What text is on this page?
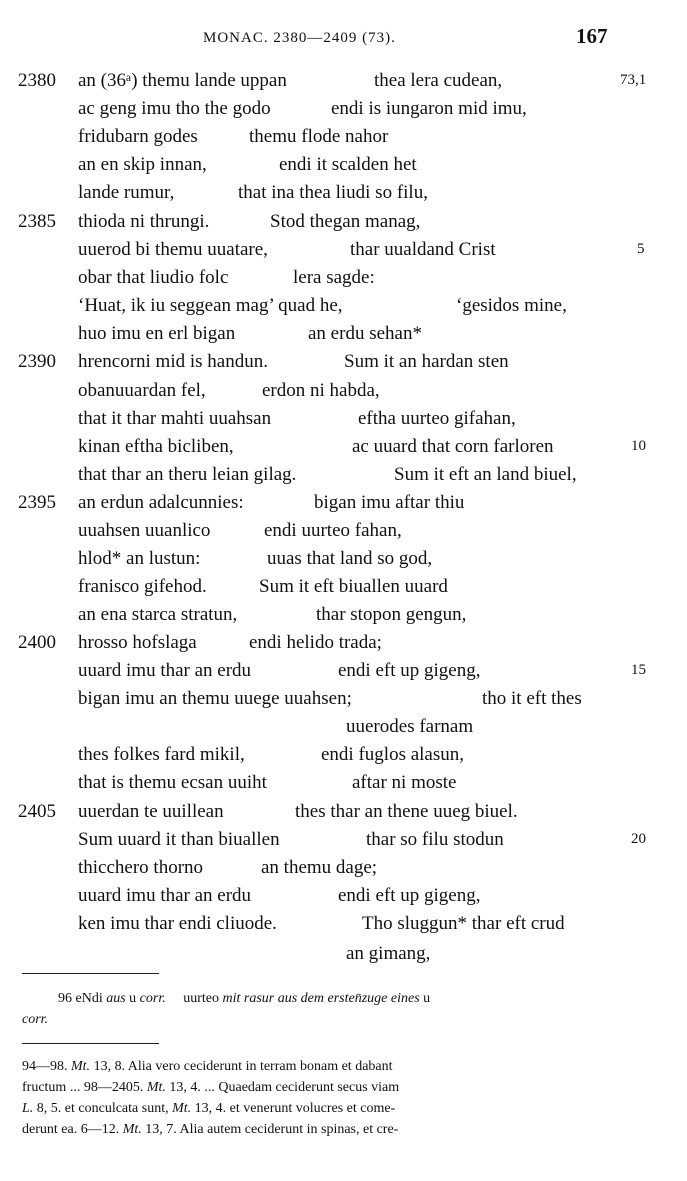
MONAC. 2380—2409 (73).	167
2380 an (36ᵃ) themu lande uppan	thea lera cudean,	73,1
ac geng imu tho the godo	endi is iungaron mid imu,
fridubarn godes	themu flode nahor
an en skip innan,	endi it scalden het
lande rumur,	that ina thea liudi so filu,
2385 thioda ni thrungi.	Stod thegan manag,
uuerod bi themu uuatare,	thar uualdand Crist	5
obar that liudio folc	lera sagde:
‘Huat, ik iu seggean mag’ quad he,	‘gesidos mine,
huo imu en erl bigan	an erdu sehan*
2390 hrencorni mid is handun.	Sum it an hardan sten
obanuuardan fel,	erdon ni habda,
that it thar mahti uuahsan	eftha uurteo gifahan,
kinan eftha bicliben,	ac uuard that corn farloren	10
that thar an theru leian gilag.	Sum it eft an land biuel,
2395 an erdun adalcunnies:	bigan imu aftar thiu
uuahsen uuanlico	endi uurteo fahan,
hlod* an lustun:	uuas that land so god,
franisco gifehod.	Sum it eft biuallen uuard
an ena starca stratun,	thar stopon gengun,
2400 hrosso hofslaga	endi helido trada;
uuard imu thar an erdu	endi eft up gigeng,	15
bigan imu an themu uuege uuahsen;	tho it eft thes
thes folkes fard mikil,	endi fuglos alasun,
that is themu ecsan uuiht	aftar ni moste
2405 uuerdan te uuillean	thes thar an thene uueg biuel.
Sum uuard it than biuallen	thar so filu stodun	20
thicchero thorno	an themu dage;
uuard imu thar an erdu	endi eft up gigeng,
ken imu thar endi cliuode.	Tho sluggun* thar eft crud
uuerodes farnam
an gimang,
96 eNdi aus u corr. uurteo mit rasur aus dem ersten̄zuge eines u
corr.
94—98. Mt. 13, 8. Alia vero ceciderunt in terram bonam et dabant
fructum ... 98—2405. Mt. 13, 4. ... Quaedam ceciderunt secus viam
L. 8, 5. et conculcata sunt, Mt. 13, 4. et venerunt volucres et come-
derunt ea. 6—12. Mt. 13, 7. Alia autem ceciderunt in spinas, et cre-
